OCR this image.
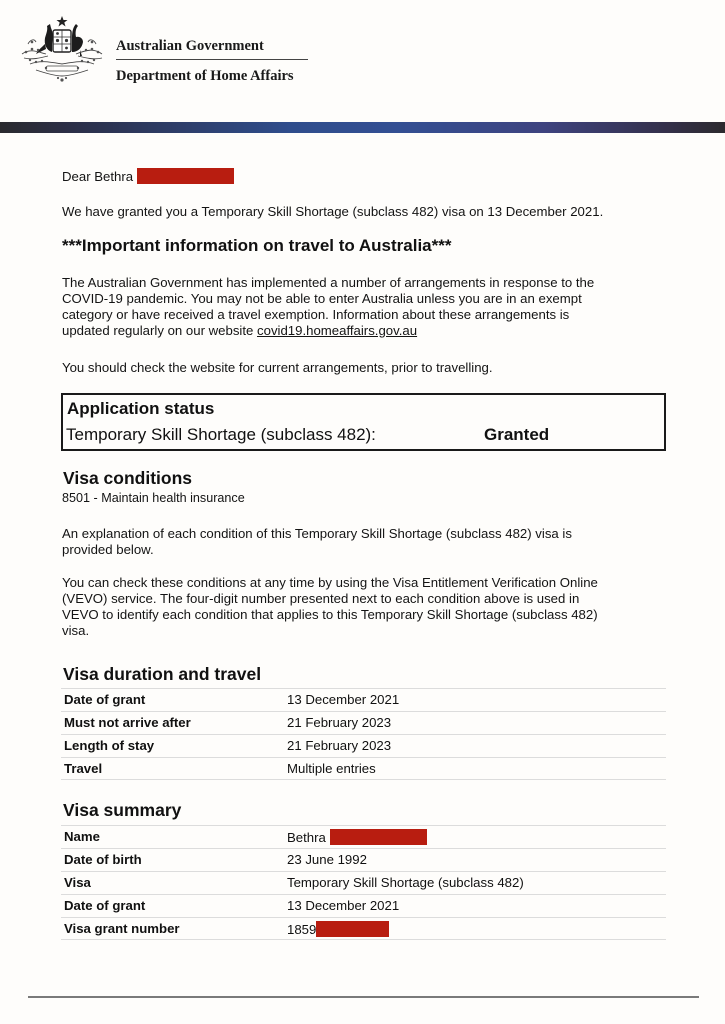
Australian Government
Department of Home Affairs
Dear Bethra
We have granted you a Temporary Skill Shortage (subclass 482) visa on 13 December 2021.
***Important information on travel to Australia***
The Australian Government has implemented a number of arrangements in response to the
COVID-19 pandemic. You may not be able to enter Australia unless you are in an exempt
category or have received a travel exemption. Information about these arrangements is
updated regularly on our website covid19.homeaffairs.gov.au
You should check the website for current arrangements, prior to travelling.
Application status
Temporary Skill Shortage (subclass 482):	Granted
Visa conditions
8501 - Maintain health insurance
An explanation of each condition of this Temporary Skill Shortage (subclass 482) visa is
provided below.
You can check these conditions at any time by using the Visa Entitlement Verification Online
(VEVO) service. The four-digit number presented next to each condition above is used in
VEVO to identify each condition that applies to this Temporary Skill Shortage (subclass 482)
visa.
Visa duration and travel
Date of grant	13 December 2021
Must not arrive after	21 February 2023
Length of stay	21 February 2023
Travel	Multiple entries
Visa summary
Name	Bethra
Date of birth	23 June 1992
Visa	Temporary Skill Shortage (subclass 482)
Date of grant	13 December 2021
Visa grant number	1859
